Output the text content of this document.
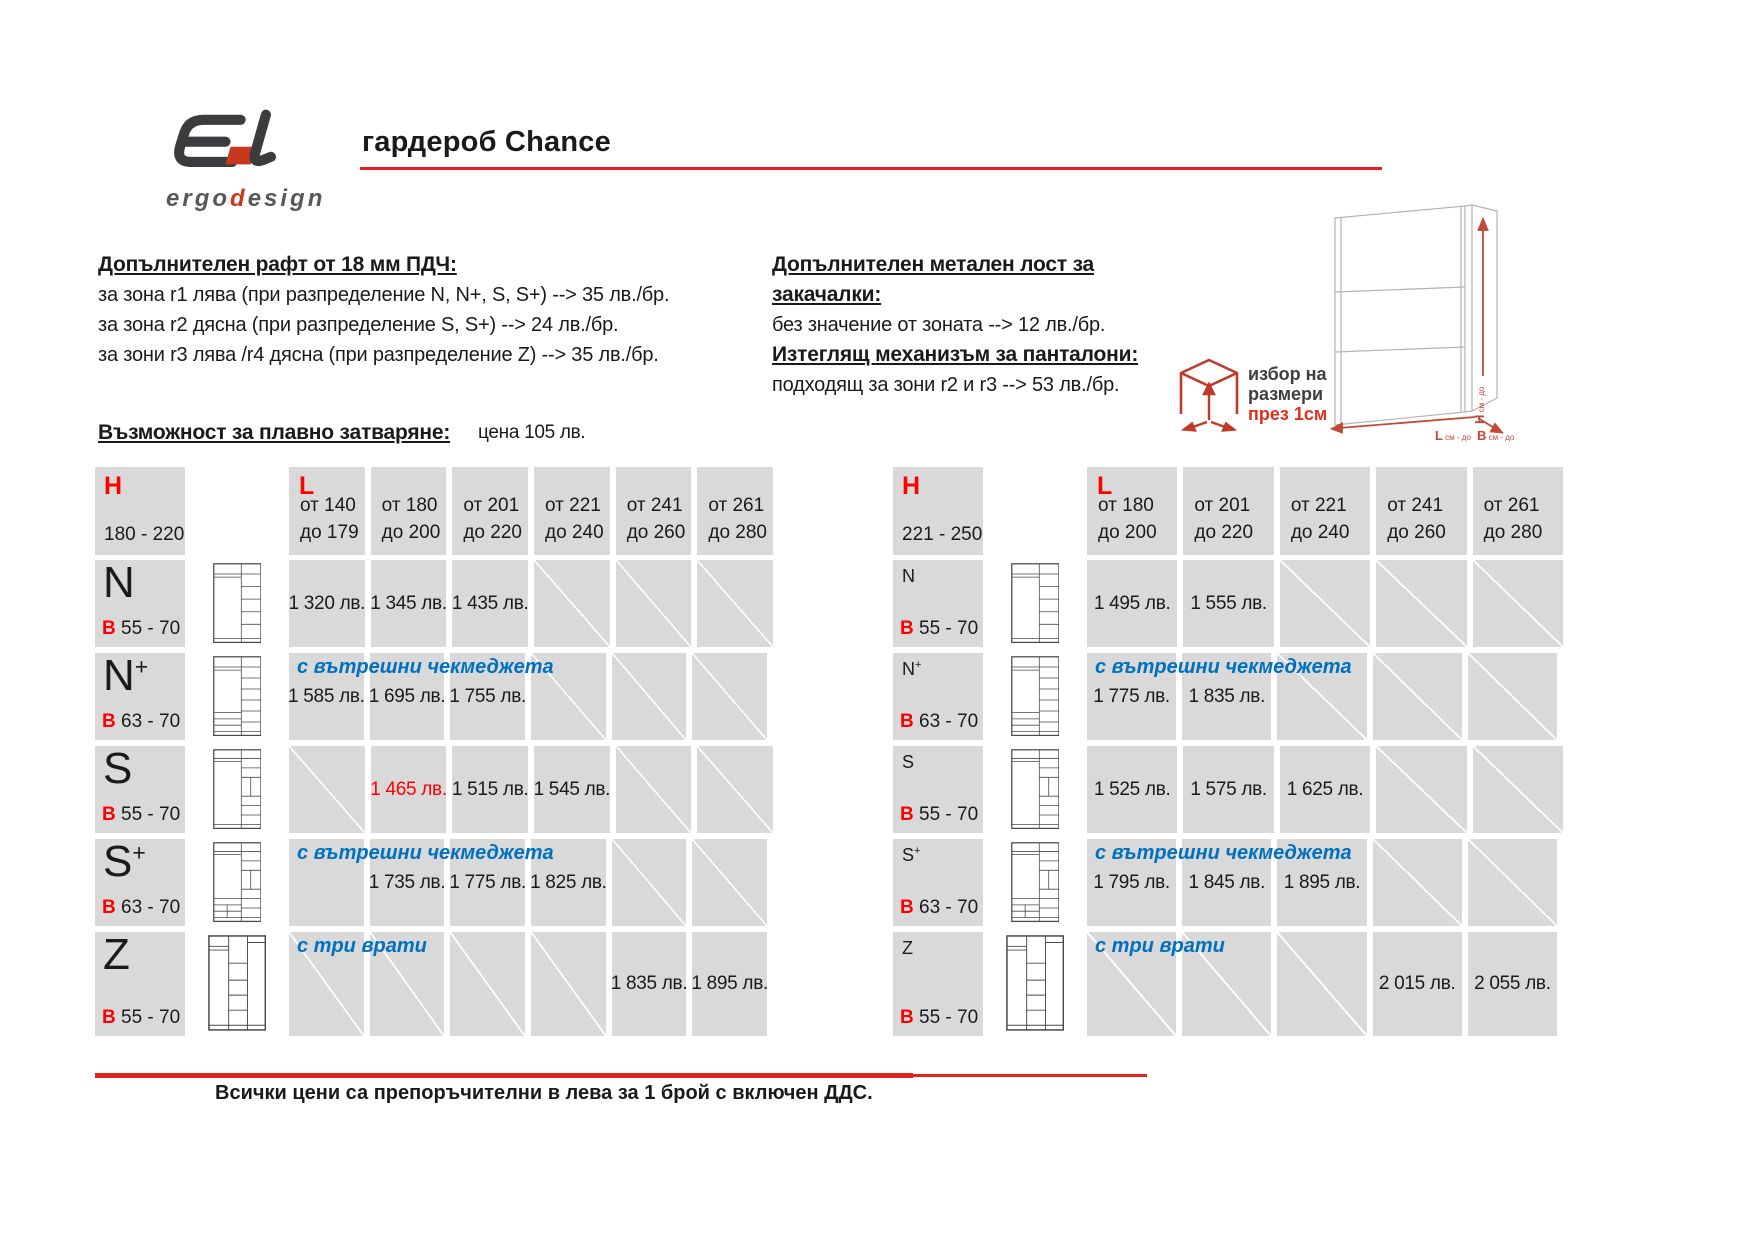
ergodesign
гардероб Chance
Допълнителен рафт от 18 мм ПДЧ:
за зона r1 лява (при разпределение N, N+, S, S+) --> 35 лв./бр.
за зона r2 дясна (при разпределение S, S+) --> 24 лв./бр.
за зони r3 лява /r4 дясна (при разпределение Z) --> 35 лв./бр.
Възможност за плавно затваряне: цена 105 лв.
Допълнителен метален лост за закачалки:
без значение от зоната --> 12 лв./бр.
Изтеглящ механизъм за панталони:
подходящ за зони r2 и r3 --> 53 лв./бр.	избор на
размери
през 1см	H см - до
L см - до B см - до
H
180 - 220
L
от 140
до 179
от 180
до 200
от 201
до 220
от 221
до 240
от 241
до 260
от 261
до 280
N
В 55 - 70
1 320 лв. 1 345 лв. 1 435 лв.
N+
В 63 - 70
1 585 лв. 1 695 лв. 1 755 лв.
с вътрешни чекмеджета
S
В 55 - 70
1 465 лв. 1 515 лв. 1 545 лв.
S+
В 63 - 70
1 735 лв. 1 775 лв. 1 825 лв.
с вътрешни чекмеджета
Z
В 55 - 70
1 835 лв. 1 895 лв.
с три врати
H
221 - 250
L
от 180
до 200
от 201
до 220
от 221
до 240
от 241
до 260
от 261
до 280
N
В 55 - 70
1 495 лв. 1 555 лв.
N+
В 63 - 70
1 775 лв. 1 835 лв.
с вътрешни чекмеджета
S
В 55 - 70
1 525 лв. 1 575 лв. 1 625 лв.
S+
В 63 - 70
1 795 лв. 1 845 лв. 1 895 лв.
с вътрешни чекмеджета
Z
В 55 - 70
2 015 лв. 2 055 лв.
с три врати
Всички цени са препоръчителни в лева за 1 брой с включен ДДС.
